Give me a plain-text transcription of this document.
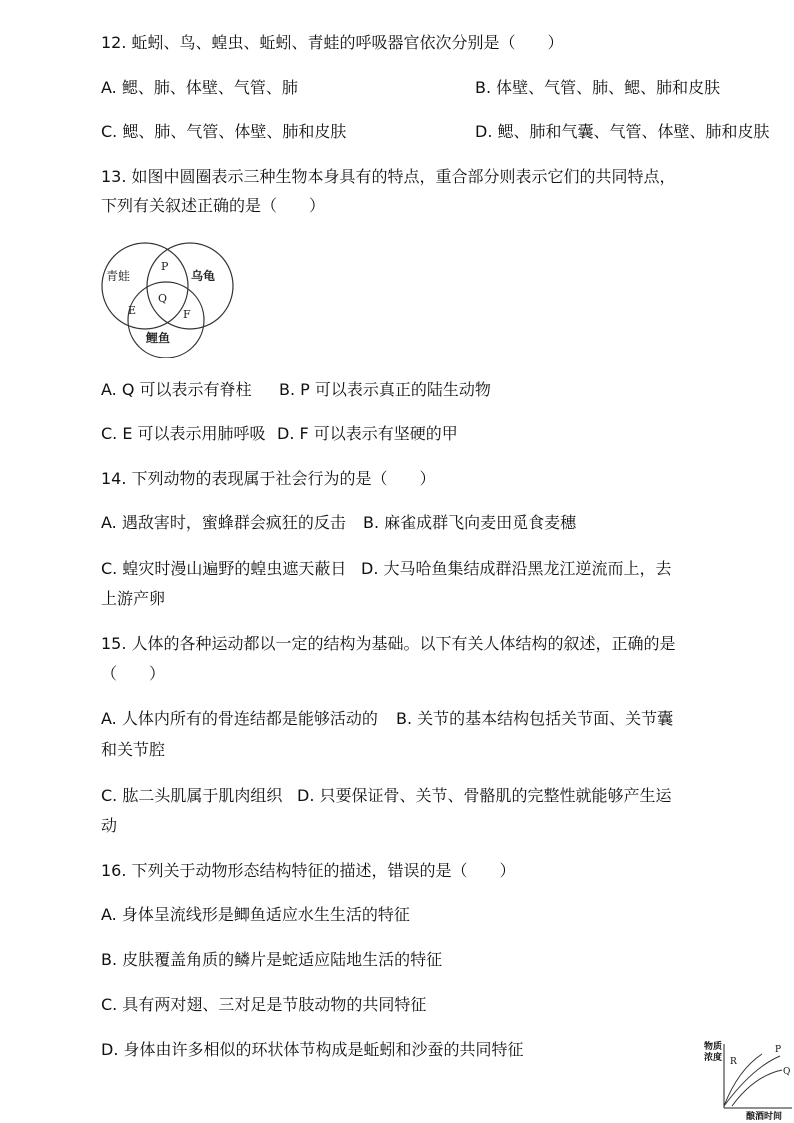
12. 蚯蚓、鸟、蝗虫、蚯蚓、青蛙的呼吸器官依次分别是（　　）
A. 鳃、肺、体壁、气管、肺	B. 体壁、气管、肺、鳃、肺和皮肤
C. 鳃、肺、气管、体壁、肺和皮肤	D. 鳃、肺和气囊、气管、体壁、肺和皮肤
13. 如图中圆圈表示三种生物本身具有的特点，重合部分则表示它们的共同特点，
下列有关叙述正确的是（　　）
青蛙	乌龟
鲤鱼
P
Q
E	F
A. Q 可以表示有脊柱 B. P 可以表示真正的陆生动物
C. E 可以表示用肺呼吸 D. F 可以表示有坚硬的甲
14. 下列动物的表现属于社会行为的是（　　）
A. 遇敌害时，蜜蜂群会疯狂的反击 B. 麻雀成群飞向麦田觅食麦穗
C. 蝗灾时漫山遍野的蝗虫遮天蔽日 D. 大马哈鱼集结成群沿黑龙江逆流而上，去
上游产卵
15. 人体的各种运动都以一定的结构为基础。以下有关人体结构的叙述，正确的是
（　　）
A. 人体内所有的骨连结都是能够活动的 B. 关节的基本结构包括关节面、关节囊
和关节腔
C. 肱二头肌属于肌肉组织 D. 只要保证骨、关节、骨骼肌的完整性就能够产生运
动
16. 下列关于动物形态结构特征的描述，错误的是（　　）
A. 身体呈流线形是鲫鱼适应水生生活的特征
B. 皮肤覆盖角质的鳞片是蛇适应陆地生活的特征
C. 具有两对翅、三对足是节肢动物的共同特征
D. 身体由许多相似的环状体节构成是蚯蚓和沙蚕的共同特征	物质
浓度 R
P
Q
酿酒时间
